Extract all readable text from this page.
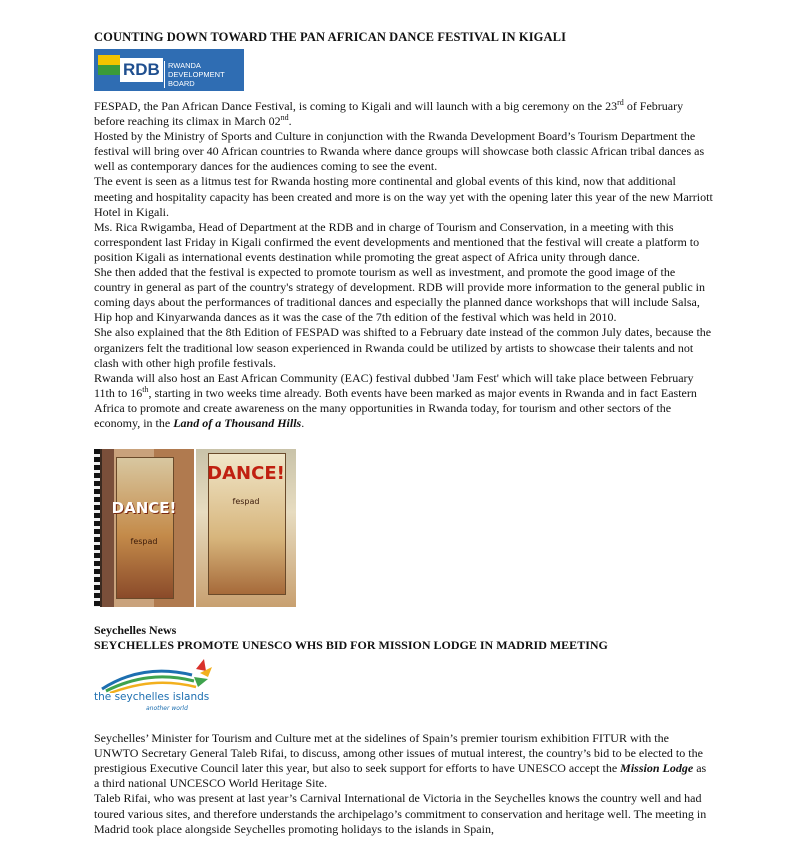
COUNTING DOWN TOWARD THE PAN AFRICAN DANCE FESTIVAL IN KIGALI
RDB	RWANDA
DEVELOPMENT BOARD

FESPAD, the Pan African Dance Festival, is coming to Kigali and will launch with a big ceremony on the 23rd of February before reaching its climax in March 02nd.

Hosted by the Ministry of Sports and Culture in conjunction with the Rwanda Development Board’s Tourism Department the festival will bring over 40 African countries to Rwanda where dance groups will showcase both classic African tribal dances as well as contemporary dances for the audiences coming to see the event.

The event is seen as a litmus test for Rwanda hosting more continental and global events of this kind, now that additional meeting and hospitality capacity has been created and more is on the way yet with the opening later this year of the new Marriott Hotel in Kigali.

Ms. Rica Rwigamba, Head of Department at the RDB and in charge of Tourism and Conservation, in a meeting with this correspondent last Friday in Kigali confirmed the event developments and mentioned that the festival will create a platform to position Kigali as international events destination while promoting the great aspect of Africa unity through dance.

She then added that the festival is expected to promote tourism as well as investment, and promote the good image of the country in general as part of the country's strategy of development. RDB will provide more information to the general public in coming days about the performances of traditional dances and especially the planned dance workshops that will include Salsa, Hip hop and Kinyarwanda dances as it was the case of the 7th edition of the festival which was held in 2010.

She also explained that the 8th Edition of FESPAD was shifted to a February date instead of the common July dates, because the organizers felt the traditional low season experienced in Rwanda could be utilized by artists to showcase their talents and not clash with other high profile festivals.

Rwanda will also host an East African Community (EAC) festival dubbed 'Jam Fest' which will take place between February 11th to 16th, starting in two weeks time already. Both events have been marked as major events in Rwanda and in fact Eastern Africa to promote and create awareness on the many opportunities in Rwanda today, for tourism and other sectors of the economy, in the Land of a Thousand Hills.

DANCE!
fespad
DANCE!
fespad
Seychelles News
SEYCHELLES PROMOTE UNESCO WHS BID FOR MISSION LODGE IN MADRID MEETING
the seychelles islands
another world

Seychelles’ Minister for Tourism and Culture met at the sidelines of Spain’s premier tourism exhibition FITUR with the UNWTO Secretary General Taleb Rifai, to discuss, among other issues of mutual interest, the country’s bid to be elected to the prestigious Executive Council later this year, but also to seek support for efforts to have UNESCO accept the Mission Lodge as a third national UNCESCO World Heritage Site.

Taleb Rifai, who was present at last year’s Carnival International de Victoria in the Seychelles knows the country well and had toured various sites, and therefore understands the archipelago’s commitment to conservation and heritage well. The meeting in Madrid took place alongside Seychelles promoting holidays to the islands in Spain,
